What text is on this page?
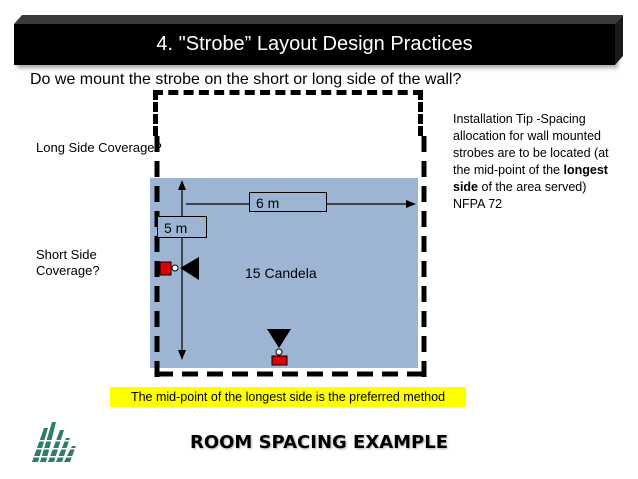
4. "Strobe” Layout Design Practices
Do we mount the strobe on the short or long side of the wall?
6 m
5 m
15 Candela
Long Side Coverage?
Short Side Coverage?
Installation Tip -Spacing allocation for wall mounted strobes are to be located (at the mid-point of the longest side of the area served) NFPA 72
The mid-point of the longest side is the preferred method
ROOM SPACING EXAMPLE
